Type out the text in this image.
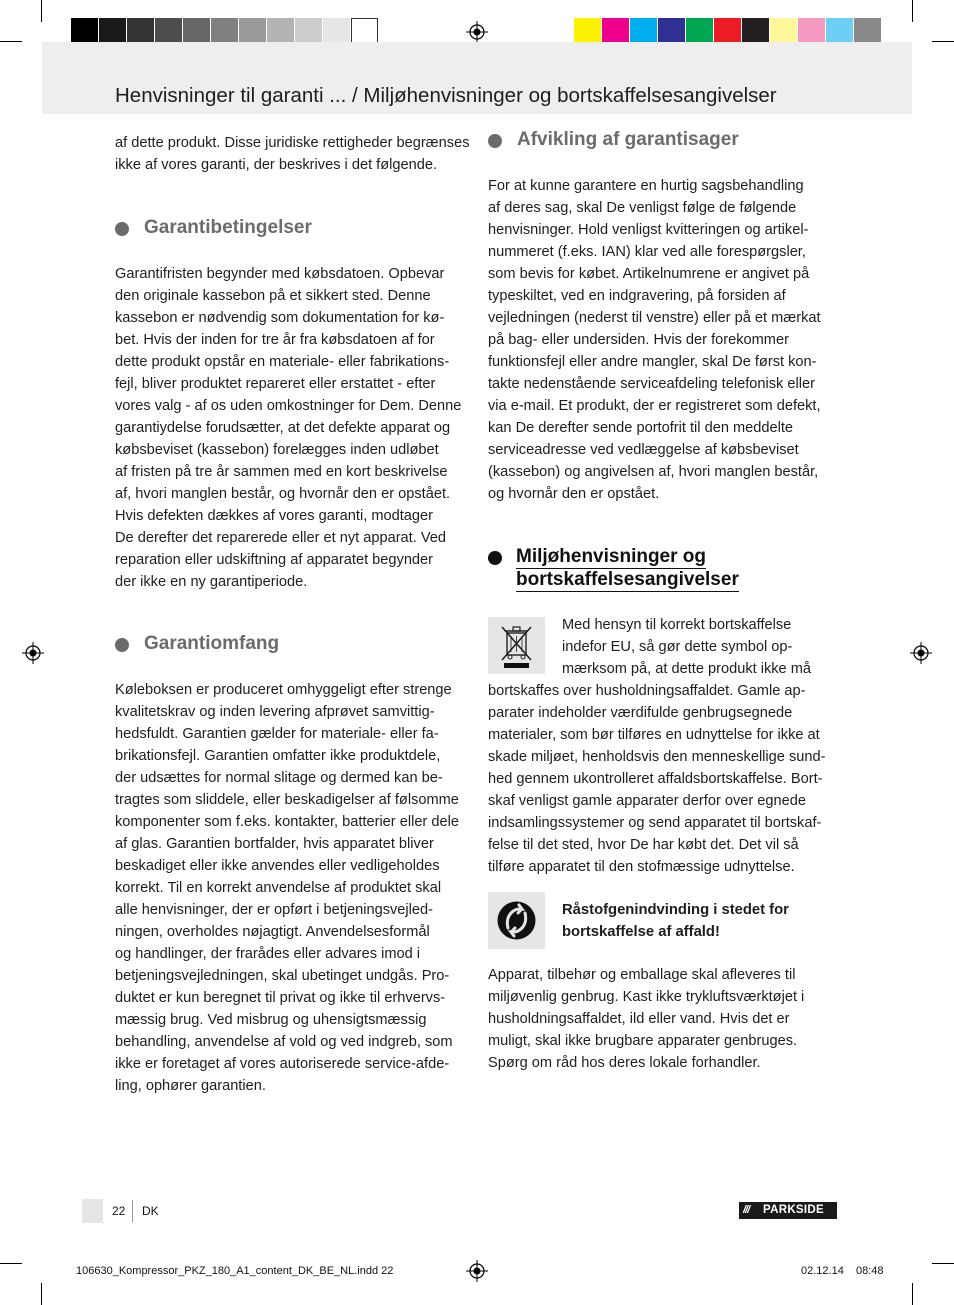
Henvisninger til garanti ... / Miljøhenvisninger og bortskaffelsesangivelser
af dette produkt. Disse juridiske rettigheder begrænses
ikke af vores garanti, der beskrives i det følgende.
Garantibetingelser
Garantifristen begynder med købsdatoen. Opbevar
den originale kassebon på et sikkert sted. Denne
kassebon er nødvendig som dokumentation for kø-
bet. Hvis der inden for tre år fra købsdatoen af for
dette produkt opstår en materiale- eller fabrikations-
fejl, bliver produktet repareret eller erstattet - efter
vores valg - af os uden omkostninger for Dem. Denne
garantiydelse forudsætter, at det defekte apparat og
købsbeviset (kassebon) forelægges inden udløbet
af fristen på tre år sammen med en kort beskrivelse
af, hvori manglen består, og hvornår den er opstået.
Hvis defekten dækkes af vores garanti, modtager
De derefter det reparerede eller et nyt apparat. Ved
reparation eller udskiftning af apparatet begynder
der ikke en ny garantiperiode.
Garantiomfang
Køleboksen er produceret omhyggeligt efter strenge
kvalitetskrav og inden levering afprøvet samvittig-
hedsfuldt. Garantien gælder for materiale- eller fa-
brikationsfejl. Garantien omfatter ikke produktdele,
der udsættes for normal slitage og dermed kan be-
tragtes som sliddele, eller beskadigelser af følsomme
komponenter som f.eks. kontakter, batterier eller dele
af glas. Garantien bortfalder, hvis apparatet bliver
beskadiget eller ikke anvendes eller vedligeholdes
korrekt. Til en korrekt anvendelse af produktet skal
alle henvisninger, der er opført i betjeningsvejled-
ningen, overholdes nøjagtigt. Anvendelsesformål
og handlinger, der frarådes eller advares imod i
betjeningsvejledningen, skal ubetinget undgås. Pro-
duktet er kun beregnet til privat og ikke til erhvervs-
mæssig brug. Ved misbrug og uhensigtsmæssig
behandling, anvendelse af vold og ved indgreb, som
ikke er foretaget af vores autoriserede service-afde-
ling, ophører garantien.
Afvikling af garantisager
For at kunne garantere en hurtig sagsbehandling
af deres sag, skal De venligst følge de følgende
henvisninger. Hold venligst kvitteringen og artikel-
nummeret (f.eks. IAN) klar ved alle forespørgsler,
som bevis for købet. Artikelnumrene er angivet på
typeskiltet, ved en indgravering, på forsiden af
vejledningen (nederst til venstre) eller på et mærkat
på bag- eller undersiden. Hvis der forekommer
funktionsfejl eller andre mangler, skal De først kon-
takte nedenstående serviceafdeling telefonisk eller
via e-mail. Et produkt, der er registreret som defekt,
kan De derefter sende portofrit til den meddelte
serviceadresse ved vedlæggelse af købsbeviset
(kassebon) og angivelsen af, hvori manglen består,
og hvornår den er opstået.
Miljøhenvisninger og
bortskaffelsesangivelser
Med hensyn til korrekt bortskaffelse
indefor EU, så gør dette symbol op-
mærksom på, at dette produkt ikke må
bortskaffes over husholdningsaffaldet. Gamle ap-
parater indeholder værdifulde genbrugsegnede
materialer, som bør tilføres en udnyttelse for ikke at
skade miljøet, henholdsvis den menneskellige sund-
hed gennem ukontrolleret affaldsbortskaffelse. Bort-
skaf venligst gamle apparater derfor over egnede
indsamlingssystemer og send apparatet til bortskaf-
felse til det sted, hvor De har købt det. Det vil så
tilføre apparatet til den stofmæssige udnyttelse.
Råstofgenindvinding i stedet for
bortskaffelse af affald!
Apparat, tilbehør og emballage skal afleveres til
miljøvenlig genbrug. Kast ikke trykluftsværktøjet i
husholdningsaffaldet, ild eller vand. Hvis det er
muligt, skal ikke brugbare apparater genbruges.
Spørg om råd hos deres lokale forhandler.
22 DK	/// PARKSIDE
106630_Kompressor_PKZ_180_A1_content_DK_BE_NL.indd 22	02.12.14 08:48
